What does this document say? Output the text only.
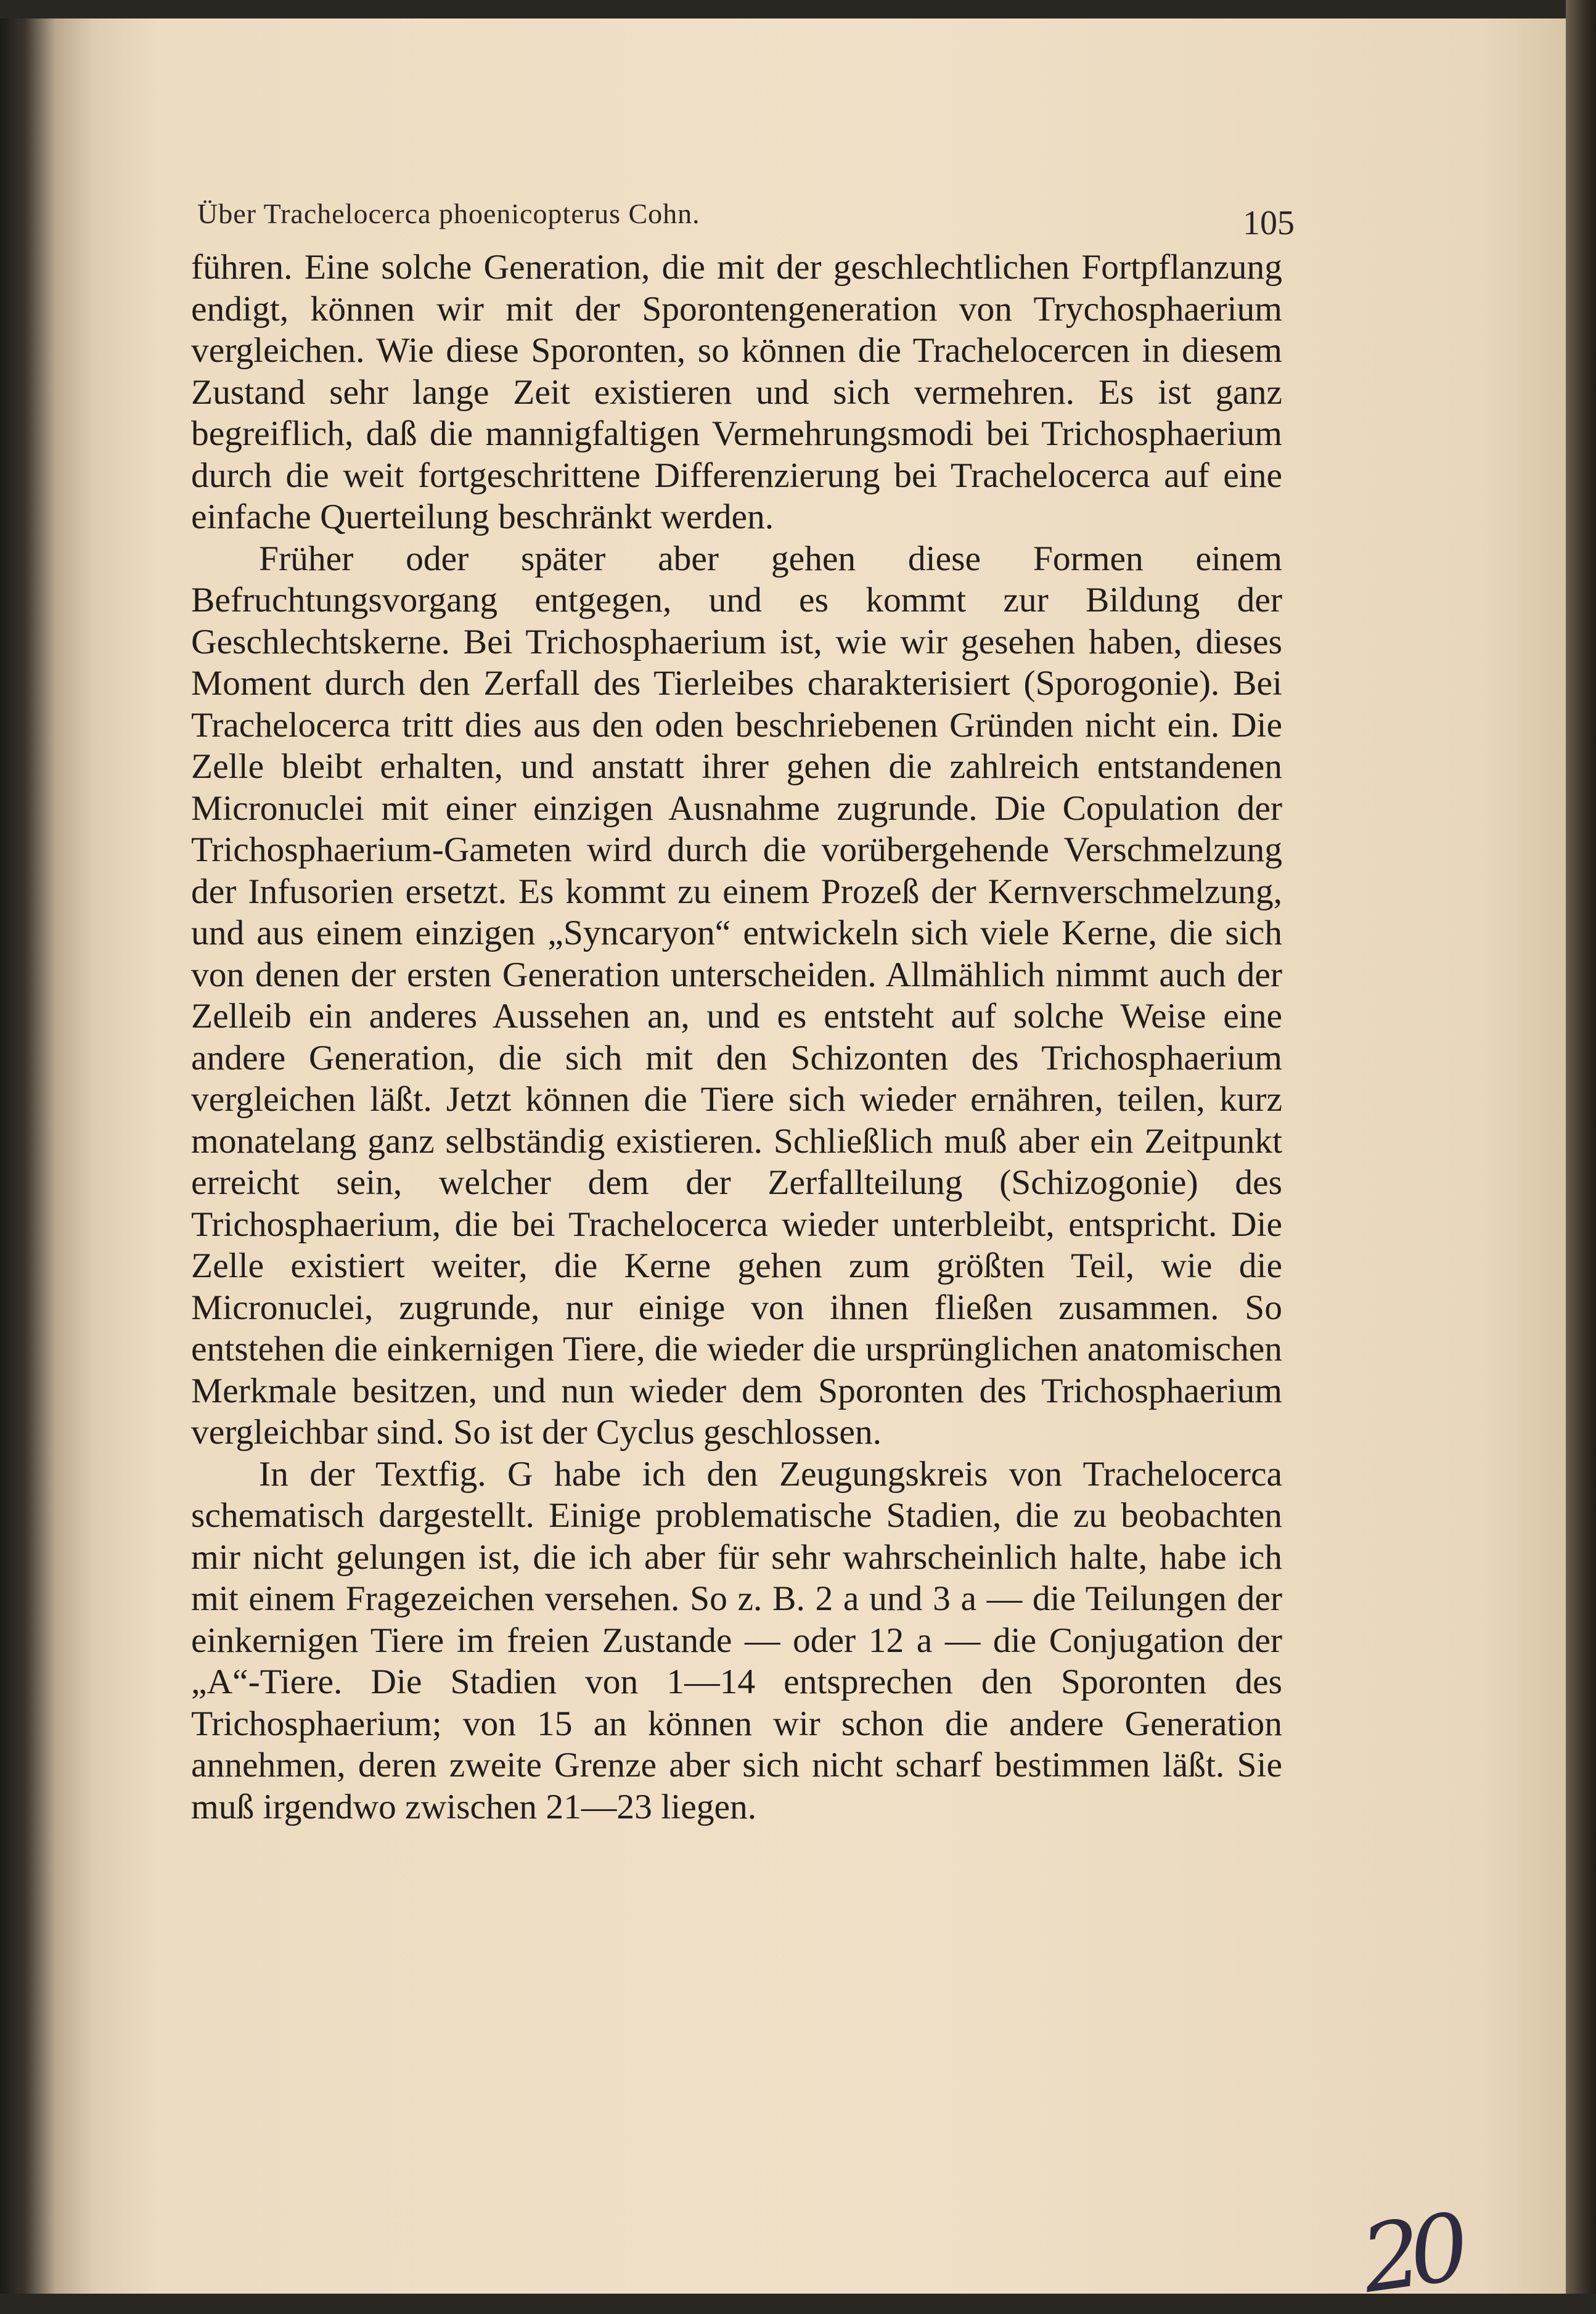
Über Trachelocerca phoenicopterus Cohn.	105

führen. Eine solche Generation, die mit der geschlechtlichen Fortpflanzung endigt, können wir mit der Sporontengeneration von Trychosphaerium vergleichen. Wie diese Sporonten, so können die Trachelocercen in diesem Zustand sehr lange Zeit existieren und sich vermehren. Es ist ganz begreiflich, daß die mannigfaltigen Vermehrungsmodi bei Trichosphaerium durch die weit fortgeschrittene Differenzierung bei Trachelocerca auf eine einfache Querteilung beschränkt werden.

Früher oder später aber gehen diese Formen einem Befruchtungsvorgang entgegen, und es kommt zur Bildung der Geschlechtskerne. Bei Trichosphaerium ist, wie wir gesehen haben, dieses Moment durch den Zerfall des Tierleibes charakterisiert (Sporogonie). Bei Trachelocerca tritt dies aus den oden beschriebenen Gründen nicht ein. Die Zelle bleibt erhalten, und anstatt ihrer gehen die zahlreich entstandenen Micronuclei mit einer einzigen Ausnahme zugrunde. Die Copulation der Trichosphaerium-Gameten wird durch die vorübergehende Verschmelzung der Infusorien ersetzt. Es kommt zu einem Prozeß der Kernverschmelzung, und aus einem einzigen „Syncaryon“ entwickeln sich viele Kerne, die sich von denen der ersten Generation unterscheiden. Allmählich nimmt auch der Zelleib ein anderes Aussehen an, und es entsteht auf solche Weise eine andere Generation, die sich mit den Schizonten des Trichosphaerium vergleichen läßt. Jetzt können die Tiere sich wieder ernähren, teilen, kurz monatelang ganz selbständig existieren. Schließlich muß aber ein Zeitpunkt erreicht sein, welcher dem der Zerfallteilung (Schizogonie) des Trichosphaerium, die bei Trachelocerca wieder unterbleibt, entspricht. Die Zelle existiert weiter, die Kerne gehen zum größten Teil, wie die Micronuclei, zugrunde, nur einige von ihnen fließen zusammen. So entstehen die einkernigen Tiere, die wieder die ursprünglichen anatomischen Merkmale besitzen, und nun wieder dem Sporonten des Trichosphaerium vergleichbar sind. So ist der Cyclus geschlossen.

In der Textfig. G habe ich den Zeugungskreis von Trachelocerca schematisch dargestellt. Einige problematische Stadien, die zu beobachten mir nicht gelungen ist, die ich aber für sehr wahrscheinlich halte, habe ich mit einem Fragezeichen versehen. So z. B. 2 a und 3 a — die Teilungen der einkernigen Tiere im freien Zustande — oder 12 a — die Conjugation der „A“-Tiere. Die Stadien von 1—14 entsprechen den Sporonten des Trichosphaerium; von 15 an können wir schon die andere Generation annehmen, deren zweite Grenze aber sich nicht scharf bestimmen läßt. Sie muß irgendwo zwischen 21—23 liegen.

20
